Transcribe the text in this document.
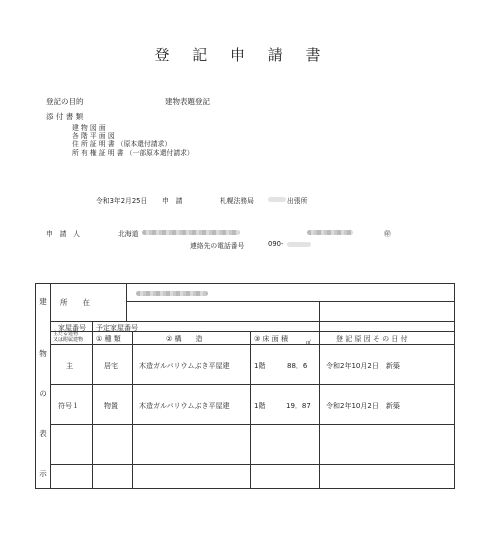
登 記 申 請 書
登記の目的	建物表題登記
添 付 書 類
建 物 図 面
各 階 平 面 図
住 所 証 明 書 （原本還付請求）
所 有 権 証 明 書 （一部原本還付請求）
令和3年2月25日 申　請	札幌法務局	出張所
申　請　人	北海道	㊞
連絡先の電話番号	090-
建
物
の
表
示
所　　在
家屋番号 予定家屋番号
主たる建物
又は附属建物 ① 種 類	② 構　　造	③ 床 面 積	㎡	登 記 原 因 そ の 日 付
主	居宅	木造ガルバリウムぶき平屋建	1階	88．6	令和2年10月2日　新築
符号１	物置	木造ガルバリウムぶき平屋建	1階	19．87 令和2年10月2日　新築
